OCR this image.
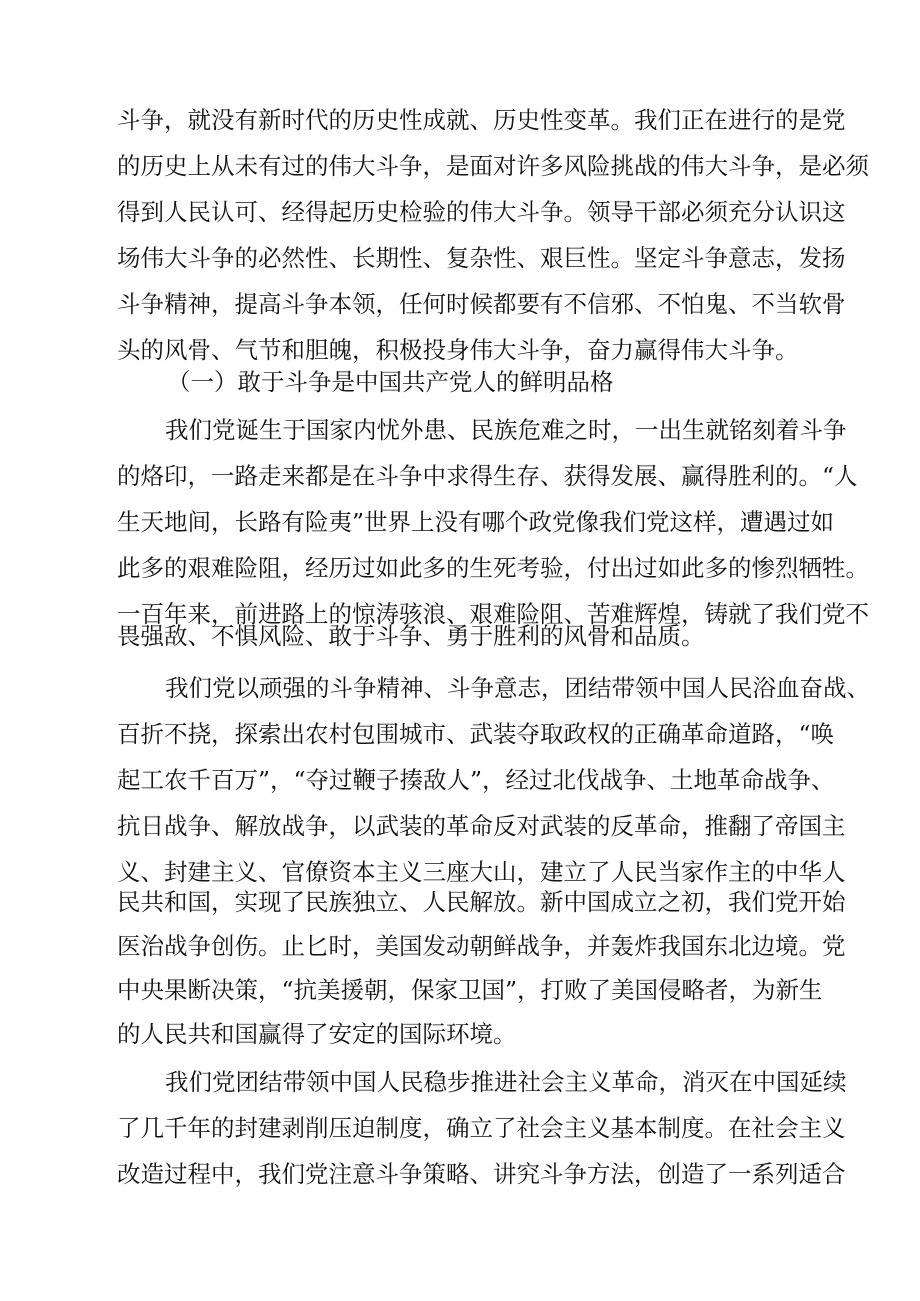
斗争，就没有新时代的历史性成就、历史性变革。我们正在进行的是党
的历史上从未有过的伟大斗争，是面对许多风险挑战的伟大斗争，是必须
得到人民认可、经得起历史检验的伟大斗争。领导干部必须充分认识这
场伟大斗争的必然性、长期性、复杂性、艰巨性。坚定斗争意志，发扬
斗争精神，提高斗争本领，任何时候都要有不信邪、不怕鬼、不当软骨
头的风骨、气节和胆魄，积极投身伟大斗争，奋力赢得伟大斗争。
（一）敢于斗争是中国共产党人的鲜明品格
我们党诞生于国家内忧外患、民族危难之时，一出生就铭刻着斗争
的烙印，一路走来都是在斗争中求得生存、获得发展、赢得胜利的。“人
生天地间，长路有险夷”世界上没有哪个政党像我们党这样，遭遇过如
此多的艰难险阻，经历过如此多的生死考验，付出过如此多的惨烈牺牲。
一百年来，前进路上的惊涛骇浪、艰难险阻、苦难辉煌，铸就了我们党不
畏强敌、不惧风险、敢于斗争、勇于胜利的风骨和品质。
我们党以顽强的斗争精神、斗争意志，团结带领中国人民浴血奋战、
百折不挠，探索出农村包围城市、武装夺取政权的正确革命道路，“唤
起工农千百万”，“夺过鞭子揍敌人”，经过北伐战争、土地革命战争、
抗日战争、解放战争，以武装的革命反对武装的反革命，推翻了帝国主
义、封建主义、官僚资本主义三座大山，建立了人民当家作主的中华人
民共和国，实现了民族独立、人民解放。新中国成立之初，我们党开始
医治战争创伤。止匕时，美国发动朝鲜战争，并轰炸我国东北边境。党
中央果断决策，“抗美援朝，保家卫国”，打败了美国侵略者，为新生
的人民共和国赢得了安定的国际环境。
我们党团结带领中国人民稳步推进社会主义革命，消灭在中国延续
了几千年的封建剥削压迫制度，确立了社会主义基本制度。在社会主义
改造过程中，我们党注意斗争策略、讲究斗争方法，创造了一系列适合
